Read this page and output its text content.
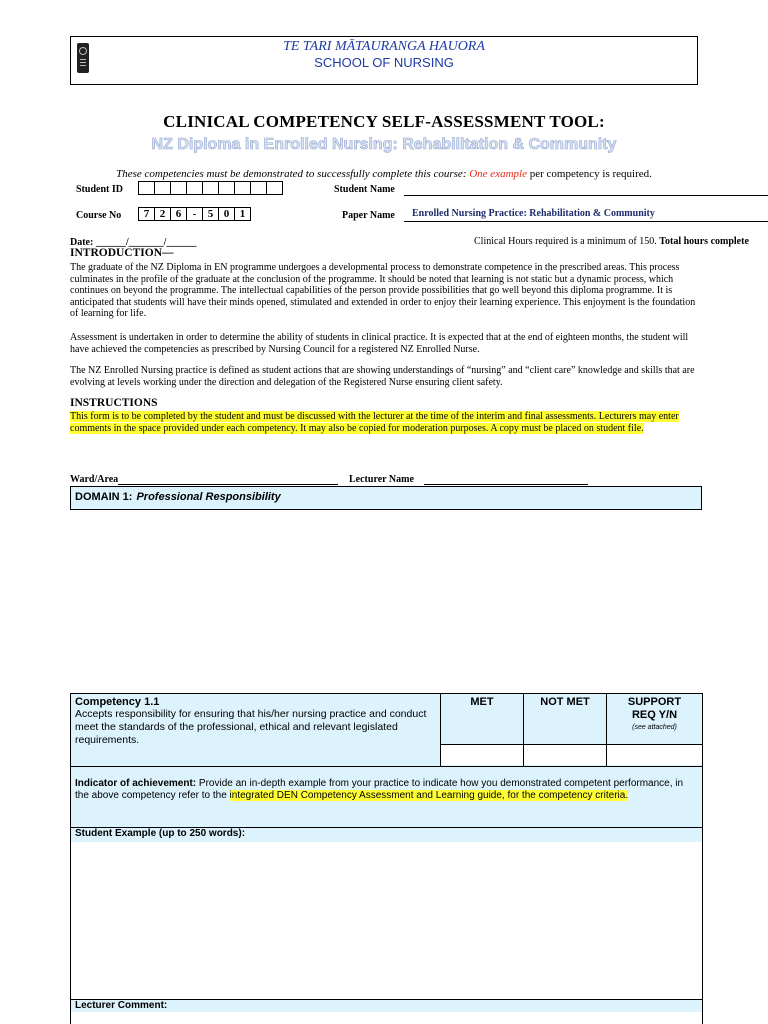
TE TARI MĀTAURANGA HAUORA
SCHOOL OF NURSING
CLINICAL COMPETENCY SELF-ASSESSMENT TOOL:
NZ Diploma in Enrolled Nursing: Rehabilitation & Community
These competencies must be demonstrated to successfully complete this course: One example per competency is required.
Student ID	Student Name
Course No	7 2 6	-	5 0 1	Paper Name Enrolled Nursing Practice: Rehabilitation & Community
Date: ______/_______/______	Clinical Hours required is a minimum of 150. Total hours complete
INTRODUCTION—
The graduate of the NZ Diploma in EN programme undergoes a developmental process to demonstrate competence in the prescribed areas. This process culminates in the profile of the graduate at the conclusion of the programme. It should be noted that learning is not static but a dynamic process, which continues on beyond the programme. The intellectual capabilities of the person provide possibilities that go well beyond this diploma programme. It is anticipated that students will have their minds opened, stimulated and extended in order to enjoy their learning experience. This enjoyment is the foundation of learning for life.
Assessment is undertaken in order to determine the ability of students in clinical practice. It is expected that at the end of eighteen months, the student will have achieved the competencies as prescribed by Nursing Council for a registered NZ Enrolled Nurse.
The NZ Enrolled Nursing practice is defined as student actions that are showing understandings of “nursing” and “client care” knowledge and skills that are evolving at levels working under the direction and delegation of the Registered Nurse ensuring client safety.
INSTRUCTIONS
This form is to be completed by the student and must be discussed with the lecturer at the time of the interim and final assessments. Lecturers may enter comments in the space provided under each competency. It may also be copied for moderation purposes. A copy must be placed on student file.
Ward/Area	Lecturer Name
DOMAIN 1: Professional Responsibility
Competency 1.1
Accepts responsibility for ensuring that his/her nursing practice and conduct meet the standards of the professional, ethical and relevant legislated requirements.
MET	NOT MET	SUPPORT REQ Y/N
(see attached)
Indicator of achievement: Provide an in-depth example from your practice to indicate how you demonstrated competent performance, in the above competency refer to the integrated DEN Competency Assessment and Learning guide, for the competency criteria.
Student Example (up to 250 words):
Lecturer Comment:
